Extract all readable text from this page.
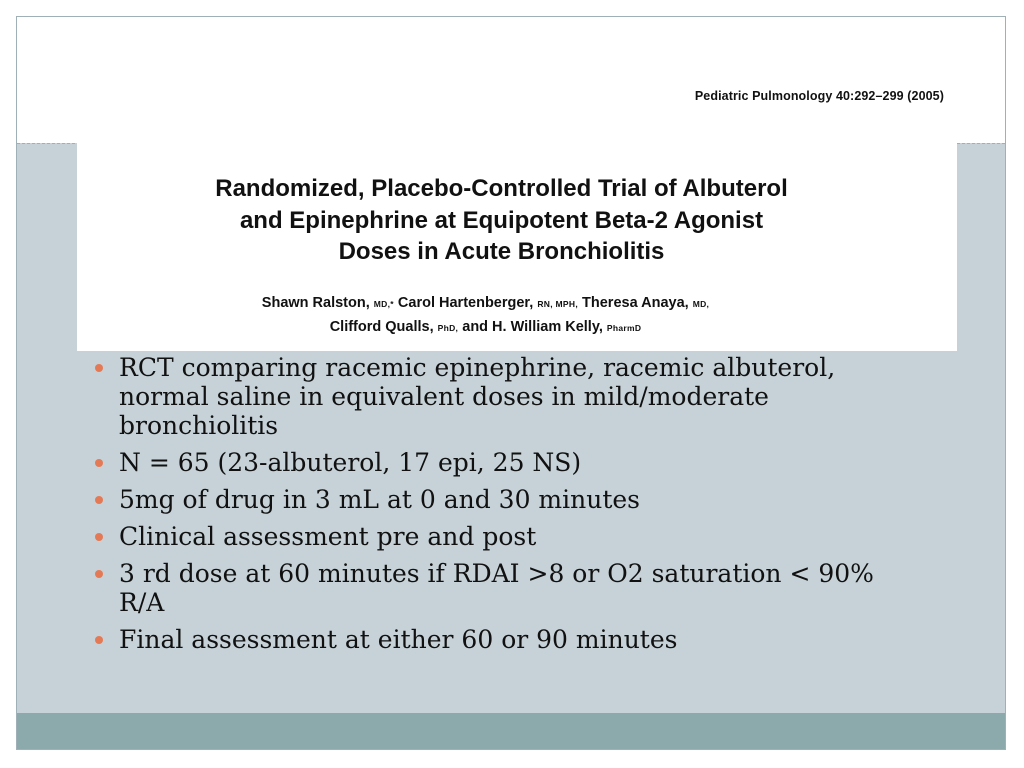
Pediatric Pulmonology 40:292–299 (2005)
Randomized, Placebo-Controlled Trial of Albuterol
and Epinephrine at Equipotent Beta-2 Agonist
Doses in Acute Bronchiolitis
Shawn Ralston, MD,* Carol Hartenberger, RN, MPH, Theresa Anaya, MD,
Clifford Qualls, PhD, and H. William Kelly, PharmD
RCT comparing racemic epinephrine, racemic albuterol,
normal saline in equivalent doses in mild/moderate
bronchiolitis
N = 65 (23-albuterol, 17 epi, 25 NS)
5mg of drug in 3 mL at 0 and 30 minutes
Clinical assessment pre and post
3 rd dose at 60 minutes if RDAI >8 or O2 saturation < 90%
R/A
Final assessment at either 60 or 90 minutes
